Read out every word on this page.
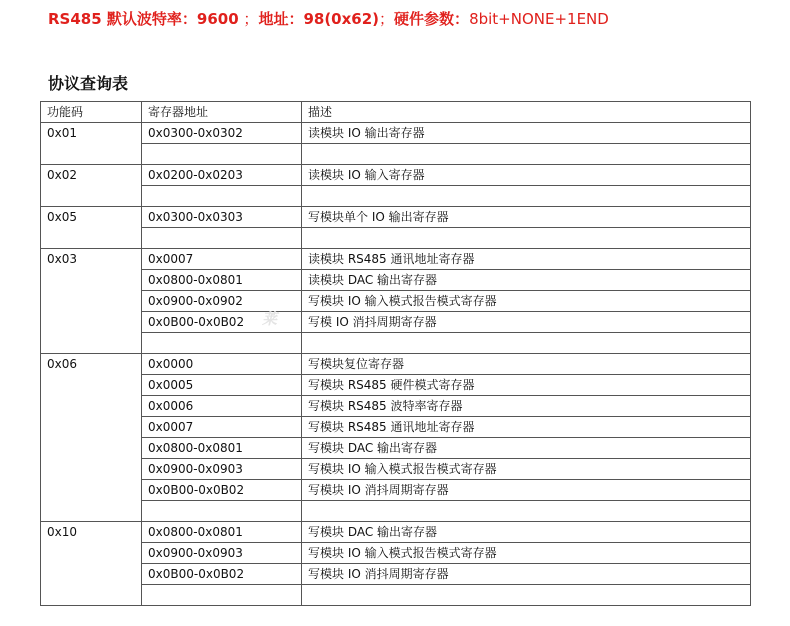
RS485 默认波特率：9600 ；地址：98(0x62)；硬件参数：8bit+NONE+1END
协议查询表
功能码	寄存器地址	描述
0x01	0x0300-0x0302	读模块 IO 输出寄存器

0x02	0x0200-0x0203	读模块 IO 输入寄存器

0x05	0x0300-0x0303	写模块单个 IO 输出寄存器

0x03	0x0007	读模块 RS485 通讯地址寄存器
	0x0800-0x0801	读模块 DAC 输出寄存器
	0x0900-0x0902	写模块 IO 输入模式报告模式寄存器
	0x0B00-0x0B02	写模 IO 消抖周期寄存器

0x06	0x0000	写模块复位寄存器
	0x0005	写模块 RS485 硬件模式寄存器
	0x0006	写模块 RS485 波特率寄存器
	0x0007	写模块 RS485 通讯地址寄存器
	0x0800-0x0801	写模块 DAC 输出寄存器
	0x0900-0x0903	写模块 IO 输入模式报告模式寄存器
	0x0B00-0x0B02	写模块 IO 消抖周期寄存器

0x10	0x0800-0x0801	写模块 DAC 输出寄存器
	0x0900-0x0903	写模块 IO 输入模式报告模式寄存器
	0x0B00-0x0B02	写模块 IO 消抖周期寄存器

莱
